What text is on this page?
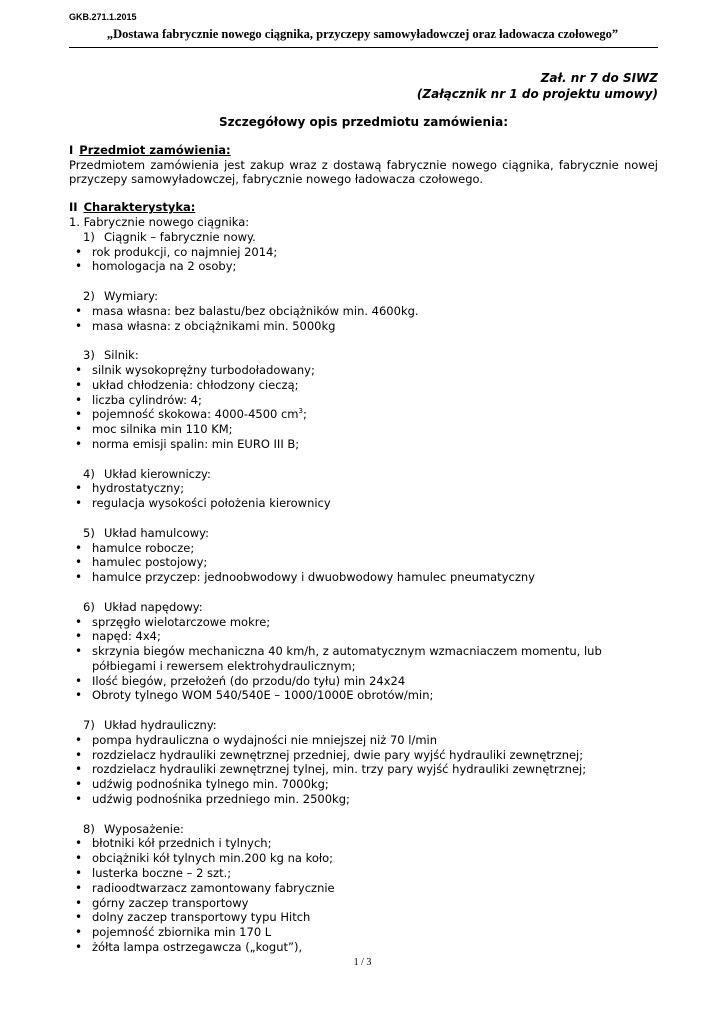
GKB.271.1.2015
„Dostawa fabrycznie nowego ciągnika, przyczepy samowyładowczej oraz ładowacza czołowego”
Zał. nr 7 do SIWZ
(Załącznik nr 1 do projektu umowy)
Szczegółowy opis przedmiotu zamówienia:
I Przedmiot zamówienia:
Przedmiotem zamówienia jest zakup wraz z dostawą fabrycznie nowego ciągnika, fabrycznie nowej przyczepy samowyładowczej, fabrycznie nowego ładowacza czołowego.
II Charakterystyka:
1. Fabrycznie nowego ciągnika:
1) Ciągnik – fabrycznie nowy.
• rok produkcji, co najmniej 2014;
• homologacja na 2 osoby;
2) Wymiary:
• masa własna: bez balastu/bez obciążników min. 4600kg.
• masa własna: z obciążnikami min. 5000kg
3) Silnik:
• silnik wysokoprężny turbodoładowany;
• układ chłodzenia: chłodzony cieczą;
• liczba cylindrów: 4;
• pojemność skokowa: 4000-4500 $cm^3$;
• moc silnika min 110 KM;
• norma emisji spalin: min EURO III B;
4) Układ kierowniczy:
• hydrostatyczny;
• regulacja wysokości położenia kierownicy
5) Układ hamulcowy:
• hamulce robocze;
• hamulec postojowy;
• hamulce przyczep: jednoobwodowy i dwuobwodowy hamulec pneumatyczny
6) Układ napędowy:
• sprzęgło wielotarczowe mokre;
• napęd: 4x4;
• skrzynia biegów mechaniczna 40 km/h, z automatycznym wzmacniaczem momentu, lub półbiegami i rewersem elektrohydraulicznym;
• Ilość biegów, przełożeń (do przodu/do tyłu) min 24x24
• Obroty tylnego WOM 540/540E – 1000/1000E obrotów/min;
7) Układ hydrauliczny:
• pompa hydrauliczna o wydajności nie mniejszej niż 70 l/min
• rozdzielacz hydrauliki zewnętrznej przedniej, dwie pary wyjść hydrauliki zewnętrznej;
• rozdzielacz hydrauliki zewnętrznej tylnej, min. trzy pary wyjść hydrauliki zewnętrznej;
• udźwig podnośnika tylnego min. 7000kg;
• udźwig podnośnika przedniego min. 2500kg;
8) Wyposażenie:
• błotniki kół przednich i tylnych;
• obciążniki kół tylnych min.200 kg na koło;
• lusterka boczne – 2 szt.;
• radioodtwarzacz zamontowany fabrycznie
• górny zaczep transportowy
• dolny zaczep transportowy typu Hitch
• pojemność zbiornika min 170 L
• żółta lampa ostrzegawcza („kogut”),
1 / 3
